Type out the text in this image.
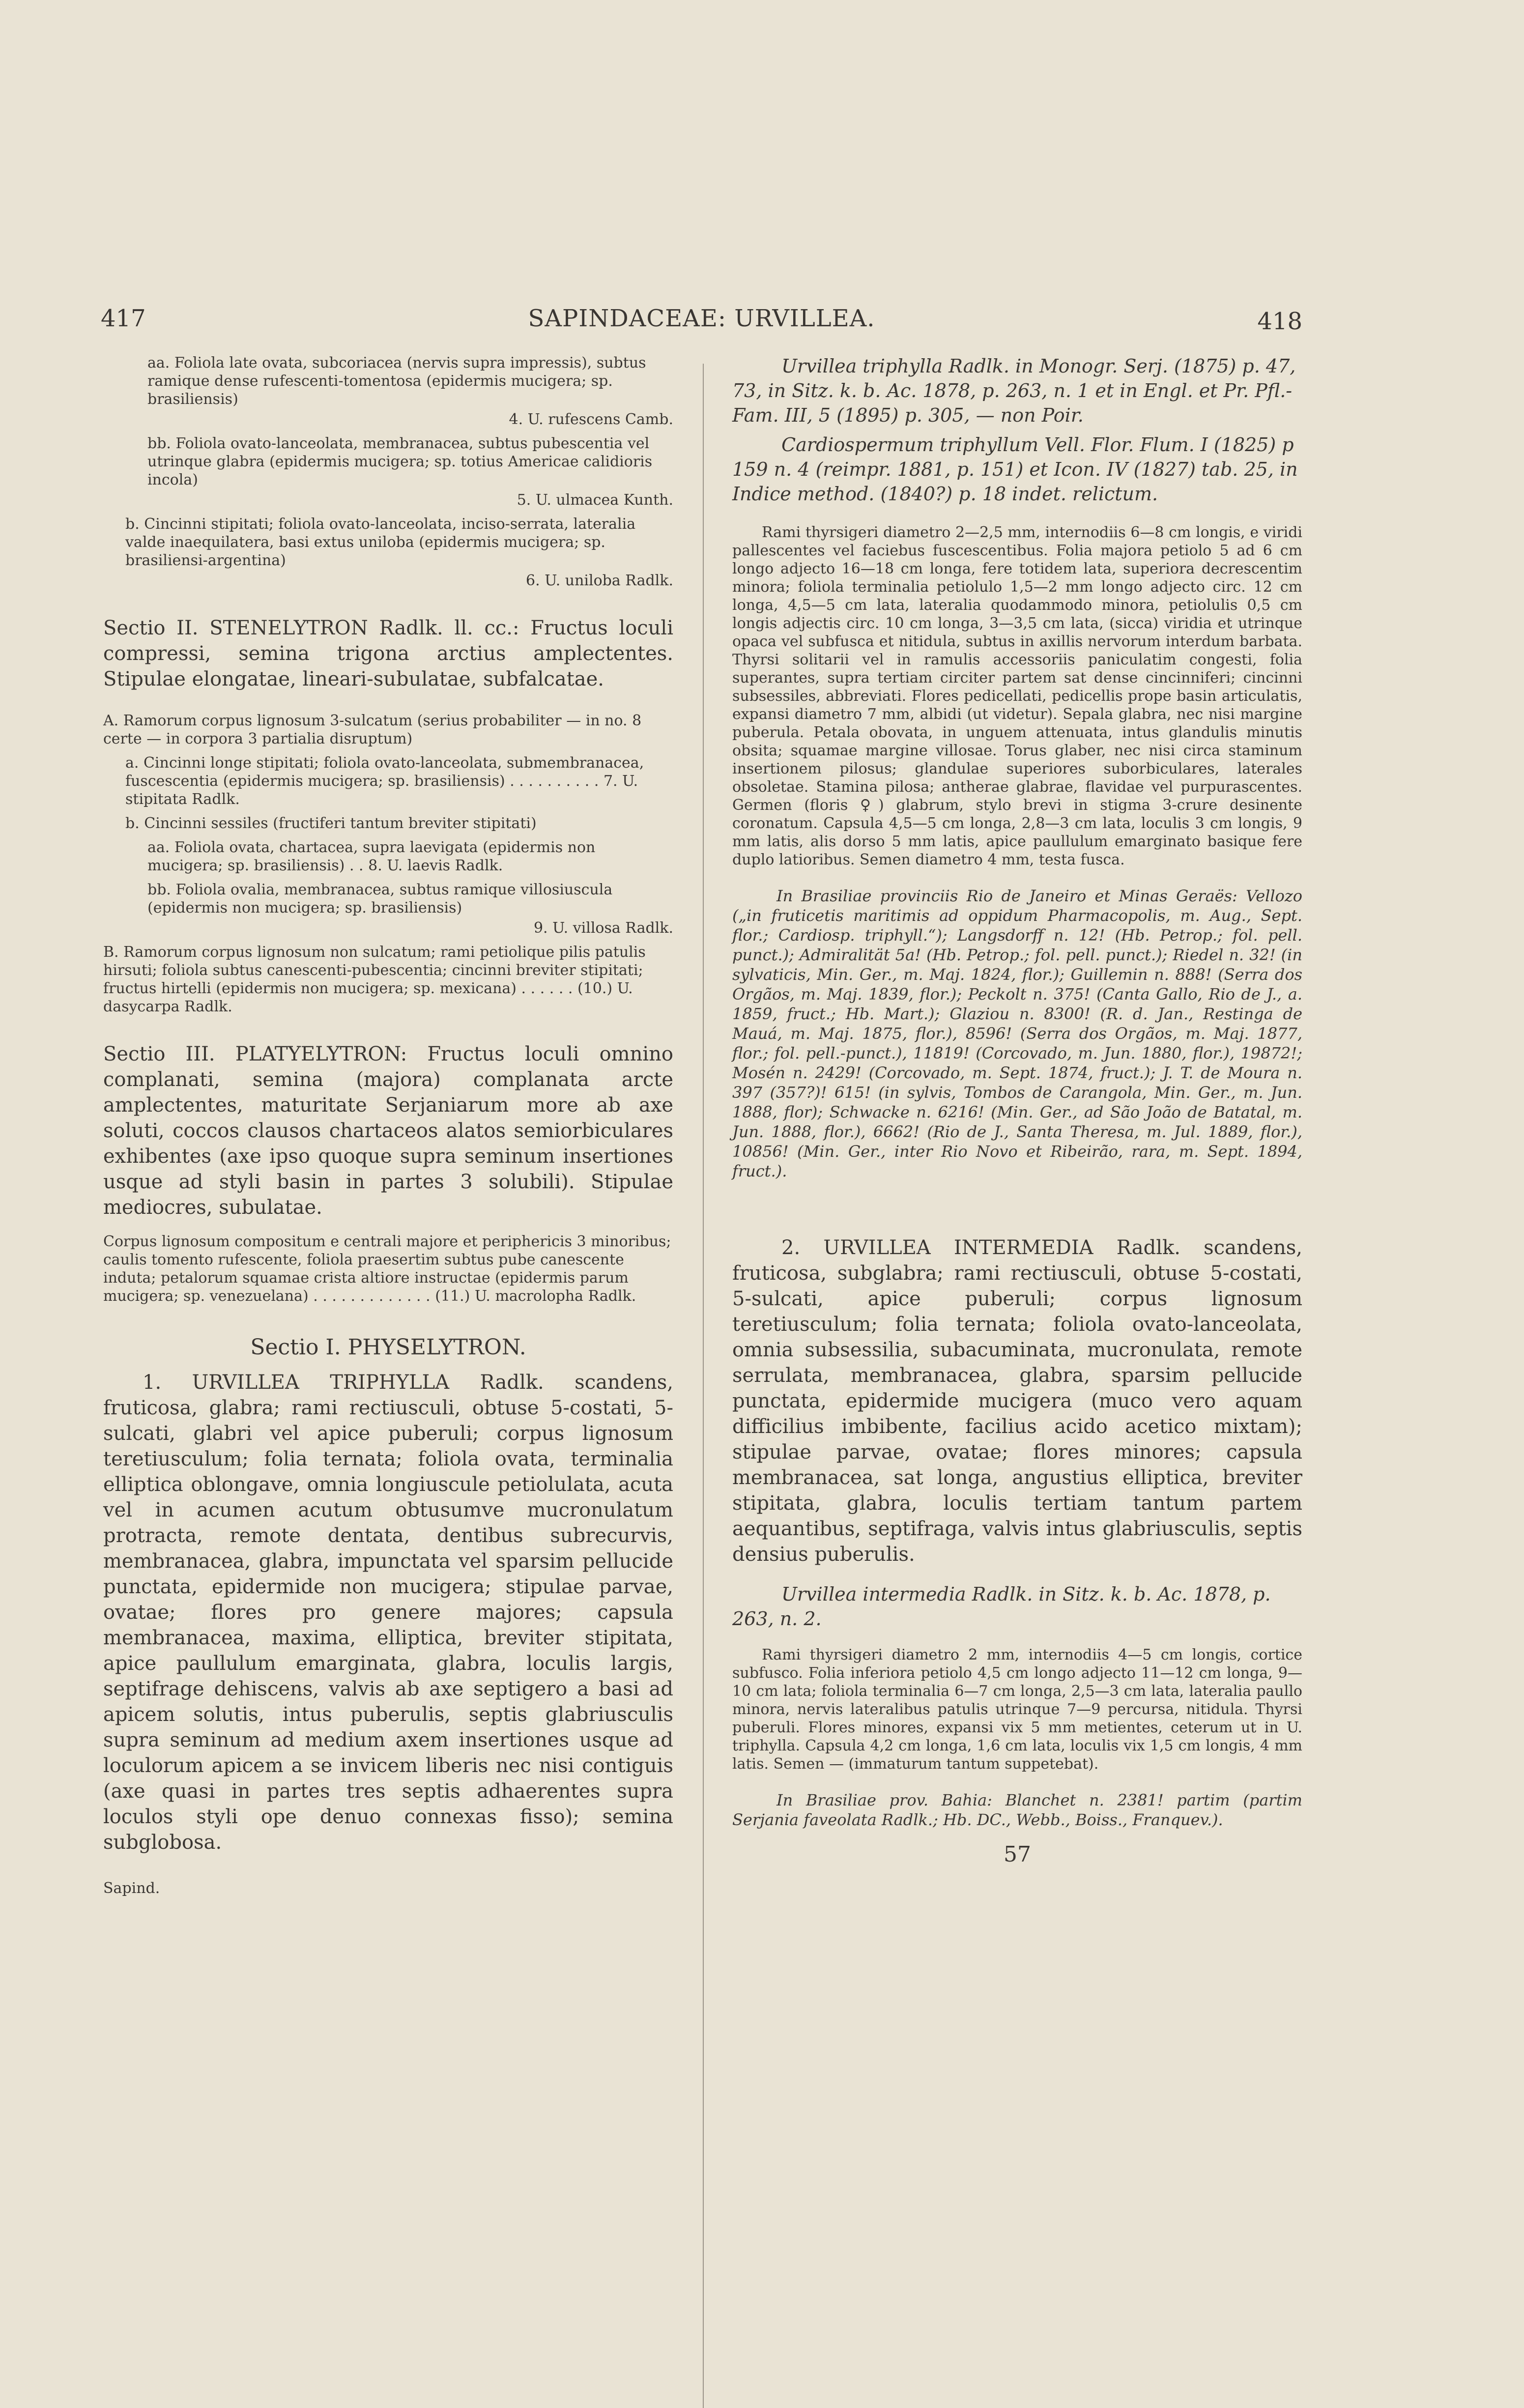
417	SAPINDACEAE: URVILLEA.	418
aa. Foliola late ovata, subcoriacea (nervis supra impressis), subtus ramique dense rufescenti-tomentosa (epidermis mucigera; sp. brasiliensis)
4. U. rufescens Camb.
bb. Foliola ovato-lanceolata, membranacea, subtus pubescentia vel utrinque glabra (epidermis mucigera; sp. totius Americae calidioris incola)
5. U. ulmacea Kunth.
b. Cincinni stipitati; foliola ovato-lanceolata, inciso-serrata, lateralia valde inaequilatera, basi extus uniloba (epidermis mucigera; sp. brasiliensi-argentina)
6. U. uniloba Radlk.

Sectio II. STENELYTRON Radlk. ll. cc.: Fructus loculi compressi, semina trigona arctius amplectentes. Stipulae elongatae, lineari-subulatae, subfalcatae.

A. Ramorum corpus lignosum 3-sulcatum (serius probabiliter — in no. 8 certe — in corpora 3 partialia disruptum)
a. Cincinni longe stipitati; foliola ovato-lanceolata, submembranacea, fuscescentia (epidermis mucigera; sp. brasiliensis) . . . . . . . . . . 7. U. stipitata Radlk.
b. Cincinni sessiles (fructiferi tantum breviter stipitati)
aa. Foliola ovata, chartacea, supra laevigata (epidermis non mucigera; sp. brasiliensis) . . 8. U. laevis Radlk.
bb. Foliola ovalia, membranacea, subtus ramique villosiuscula (epidermis non mucigera; sp. brasiliensis)
9. U. villosa Radlk.
B. Ramorum corpus lignosum non sulcatum; rami petiolique pilis patulis hirsuti; foliola subtus canescenti-pubescentia; cincinni breviter stipitati; fructus hirtelli (epidermis non mucigera; sp. mexicana) . . . . . . (10.) U. dasycarpa Radlk.

Sectio III. PLATYELYTRON: Fructus loculi omnino complanati, semina (majora) complanata arcte amplectentes, maturitate Serjaniarum more ab axe soluti, coccos clausos chartaceos alatos semiorbiculares exhibentes (axe ipso quoque supra seminum insertiones usque ad styli basin in partes 3 solubili). Stipulae mediocres, subulatae.

Corpus lignosum compositum e centrali majore et periphericis 3 minoribus; caulis tomento rufescente, foliola praesertim subtus pube canescente induta; petalorum squamae crista altiore instructae (epidermis parum mucigera; sp. venezuelana) . . . . . . . . . . . . . (11.) U. macrolopha Radlk.
Sectio I. PHYSELYTRON.

1. URVILLEA TRIPHYLLA Radlk. scandens, fruticosa, glabra; rami rectiusculi, obtuse 5-costati, 5-sulcati, glabri vel apice puberuli; corpus lignosum teretiusculum; folia ternata; foliola ovata, terminalia elliptica oblongave, omnia longiuscule petiolulata, acuta vel in acumen acutum obtusumve mucronulatum protracta, remote dentata, dentibus subrecurvis, membranacea, glabra, impunctata vel sparsim pellucide punctata, epidermide non mucigera; stipulae parvae, ovatae; flores pro genere majores; capsula membranacea, maxima, elliptica, breviter stipitata, apice paullulum emarginata, glabra, loculis largis, septifrage dehiscens, valvis ab axe septigero a basi ad apicem solutis, intus puberulis, septis glabriusculis supra seminum ad medium axem insertiones usque ad loculorum apicem a se invicem liberis nec nisi contiguis (axe quasi in partes tres septis adhaerentes supra loculos styli ope denuo connexas fisso); semina subglobosa.

Sapind.

Urvillea triphylla Radlk. in Monogr. Serj. (1875) p. 47, 73, in Sitz. k. b. Ac. 1878, p. 263, n. 1 et in Engl. et Pr. Pfl.-Fam. III, 5 (1895) p. 305, — non Poir.

Cardiospermum triphyllum Vell. Flor. Flum. I (1825) p 159 n. 4 (reimpr. 1881, p. 151) et Icon. IV (1827) tab. 25, in Indice method. (1840?) p. 18 indet. relictum.

Rami thyrsigeri diametro 2—2,5 mm, internodiis 6—8 cm longis, e viridi pallescentes vel faciebus fuscescentibus. Folia majora petiolo 5 ad 6 cm longo adjecto 16—18 cm longa, fere totidem lata, superiora decrescentim minora; foliola terminalia petiolulo 1,5—2 mm longo adjecto circ. 12 cm longa, 4,5—5 cm lata, lateralia quodammodo minora, petiolulis 0,5 cm longis adjectis circ. 10 cm longa, 3—3,5 cm lata, (sicca) viridia et utrinque opaca vel subfusca et nitidula, subtus in axillis nervorum interdum barbata. Thyrsi solitarii vel in ramulis accessoriis paniculatim congesti, folia superantes, supra tertiam circiter partem sat dense cincinniferi; cincinni subsessiles, abbreviati. Flores pedicellati, pedicellis prope basin articulatis, expansi diametro 7 mm, albidi (ut videtur). Sepala glabra, nec nisi margine puberula. Petala obovata, in unguem attenuata, intus glandulis minutis obsita; squamae margine villosae. Torus glaber, nec nisi circa staminum insertionem pilosus; glandulae superiores suborbiculares, laterales obsoletae. Stamina pilosa; antherae glabrae, flavidae vel purpurascentes. Germen (floris ♀) glabrum, stylo brevi in stigma 3-crure desinente coronatum. Capsula 4,5—5 cm longa, 2,8—3 cm lata, loculis 3 cm longis, 9 mm latis, alis dorso 5 mm latis, apice paullulum emarginato basique fere duplo latioribus. Semen diametro 4 mm, testa fusca.

In Brasiliae provinciis Rio de Janeiro et Minas Geraës: Vellozo („in fruticetis maritimis ad oppidum Pharmacopolis, m. Aug., Sept. flor.; Cardiosp. triphyll.“); Langsdorff n. 12! (Hb. Petrop.; fol. pell. punct.); Admiralität 5a! (Hb. Petrop.; fol. pell. punct.); Riedel n. 32! (in sylvaticis, Min. Ger., m. Maj. 1824, flor.); Guillemin n. 888! (Serra dos Orgãos, m. Maj. 1839, flor.); Peckolt n. 375! (Canta Gallo, Rio de J., a. 1859, fruct.; Hb. Mart.); Glaziou n. 8300! (R. d. Jan., Restinga de Mauá, m. Maj. 1875, flor.), 8596! (Serra dos Orgãos, m. Maj. 1877, flor.; fol. pell.-punct.), 11819! (Corcovado, m. Jun. 1880, flor.), 19872!; Mosén n. 2429! (Corcovado, m. Sept. 1874, fruct.); J. T. de Moura n. 397 (357?)! 615! (in sylvis, Tombos de Carangola, Min. Ger., m. Jun. 1888, flor); Schwacke n. 6216! (Min. Ger., ad São João de Batatal, m. Jun. 1888, flor.), 6662! (Rio de J., Santa Theresa, m. Jul. 1889, flor.), 10856! (Min. Ger., inter Rio Novo et Ribeirão, rara, m. Sept. 1894, fruct.).

2. URVILLEA INTERMEDIA Radlk. scandens, fruticosa, subglabra; rami rectiusculi, obtuse 5-costati, 5-sulcati, apice puberuli; corpus lignosum teretiusculum; folia ternata; foliola ovato-lanceolata, omnia subsessilia, subacuminata, mucronulata, remote serrulata, membranacea, glabra, sparsim pellucide punctata, epidermide mucigera (muco vero aquam difficilius imbibente, facilius acido acetico mixtam); stipulae parvae, ovatae; flores minores; capsula membranacea, sat longa, angustius elliptica, breviter stipitata, glabra, loculis tertiam tantum partem aequantibus, septifraga, valvis intus glabriusculis, septis densius puberulis.

Urvillea intermedia Radlk. in Sitz. k. b. Ac. 1878, p. 263, n. 2.

Rami thyrsigeri diametro 2 mm, internodiis 4—5 cm longis, cortice subfusco. Folia inferiora petiolo 4,5 cm longo adjecto 11—12 cm longa, 9—10 cm lata; foliola terminalia 6—7 cm longa, 2,5—3 cm lata, lateralia paullo minora, nervis lateralibus patulis utrinque 7—9 percursa, nitidula. Thyrsi puberuli. Flores minores, expansi vix 5 mm metientes, ceterum ut in U. triphylla. Capsula 4,2 cm longa, 1,6 cm lata, loculis vix 1,5 cm longis, 4 mm latis. Semen — (immaturum tantum suppetebat).

In Brasiliae prov. Bahia: Blanchet n. 2381! partim (partim Serjania faveolata Radlk.; Hb. DC., Webb., Boiss., Franquev.).

57
